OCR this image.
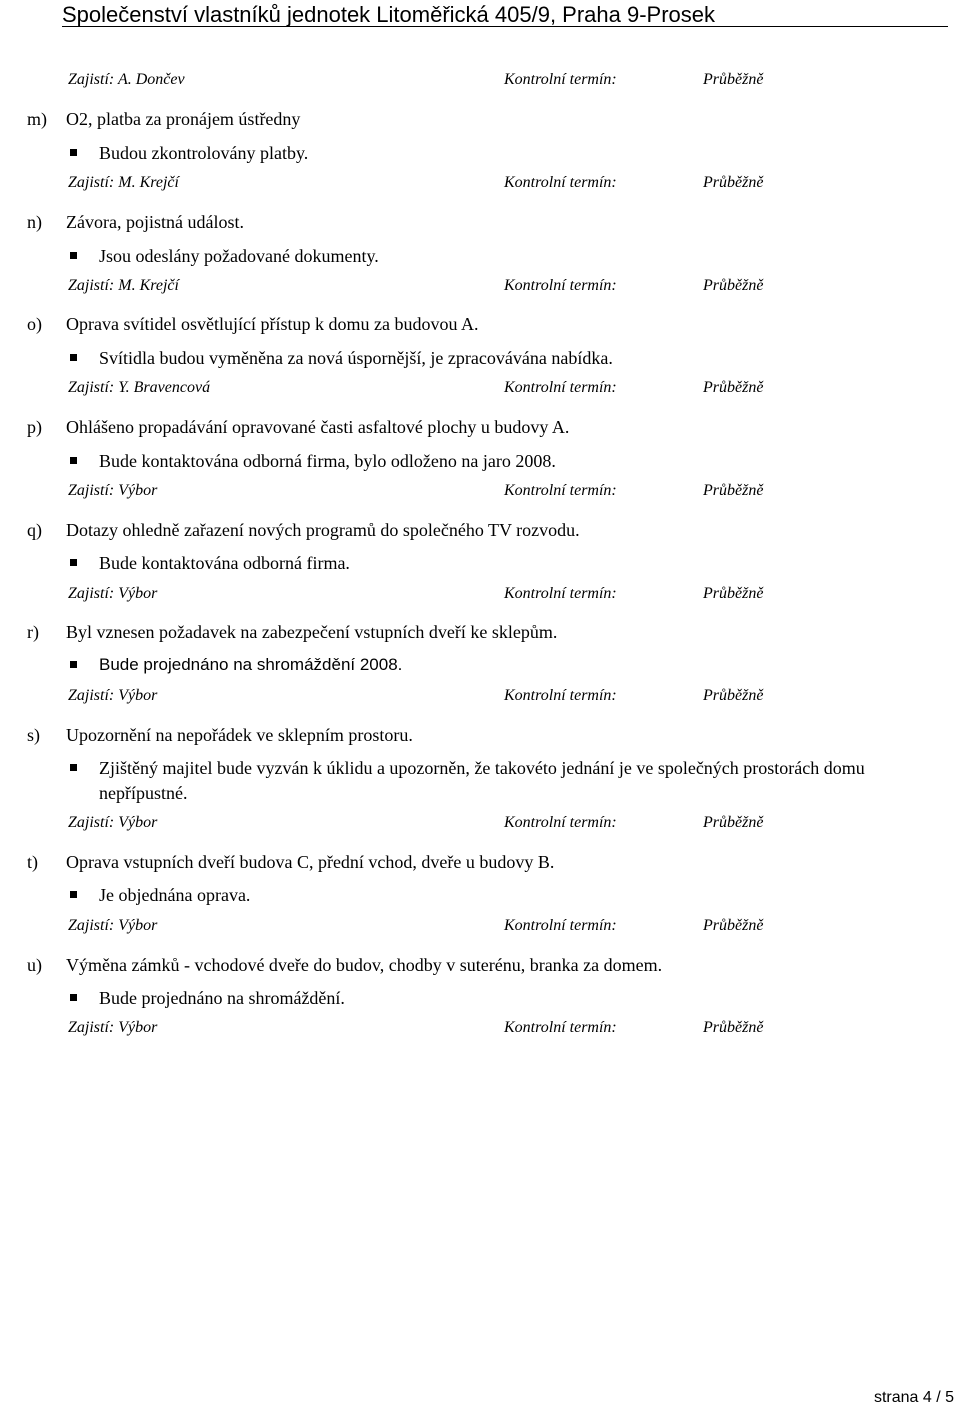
Společenství vlastníků jednotek Litoměřická 405/9, Praha 9-Prosek
Zajistí: A. Dončev	Kontrolní termín:	Průběžně
m) O2, platba za pronájem ústředny
Budou zkontrolovány platby.
Zajistí: M. Krejčí	Kontrolní termín:	Průběžně
n) Závora, pojistná událost.
Jsou odeslány požadované dokumenty.
Zajistí: M. Krejčí	Kontrolní termín:	Průběžně
o) Oprava svítidel osvětlující přístup k domu za budovou A.
Svítidla budou vyměněna za nová úspornější, je zpracovávána nabídka.
Zajistí: Y. Bravencová	Kontrolní termín:	Průběžně
p) Ohlášeno propadávání opravované časti asfaltové plochy u budovy A.
Bude kontaktována odborná firma, bylo odloženo na jaro 2008.
Zajistí: Výbor	Kontrolní termín:	Průběžně
q) Dotazy ohledně zařazení nových programů do společného TV rozvodu.
Bude kontaktována odborná firma.
Zajistí: Výbor	Kontrolní termín:	Průběžně
r) Byl vznesen požadavek na zabezpečení vstupních dveří ke sklepům.
Bude projednáno na shromáždění 2008.
Zajistí: Výbor	Kontrolní termín:	Průběžně
s) Upozornění na nepořádek ve sklepním prostoru.
Zjištěný majitel bude vyzván k úklidu a upozorněn, že takovéto jednání je ve společných prostorách domu nepřípustné.
Zajistí: Výbor	Kontrolní termín:	Průběžně
t) Oprava vstupních dveří budova C, přední vchod, dveře u budovy B.
Je objednána oprava.
Zajistí: Výbor	Kontrolní termín:	Průběžně
u) Výměna zámků - vchodové dveře do budov, chodby v suterénu, branka za domem.
Bude projednáno na shromáždění.
Zajistí: Výbor	Kontrolní termín:	Průběžně
strana 4 / 5
